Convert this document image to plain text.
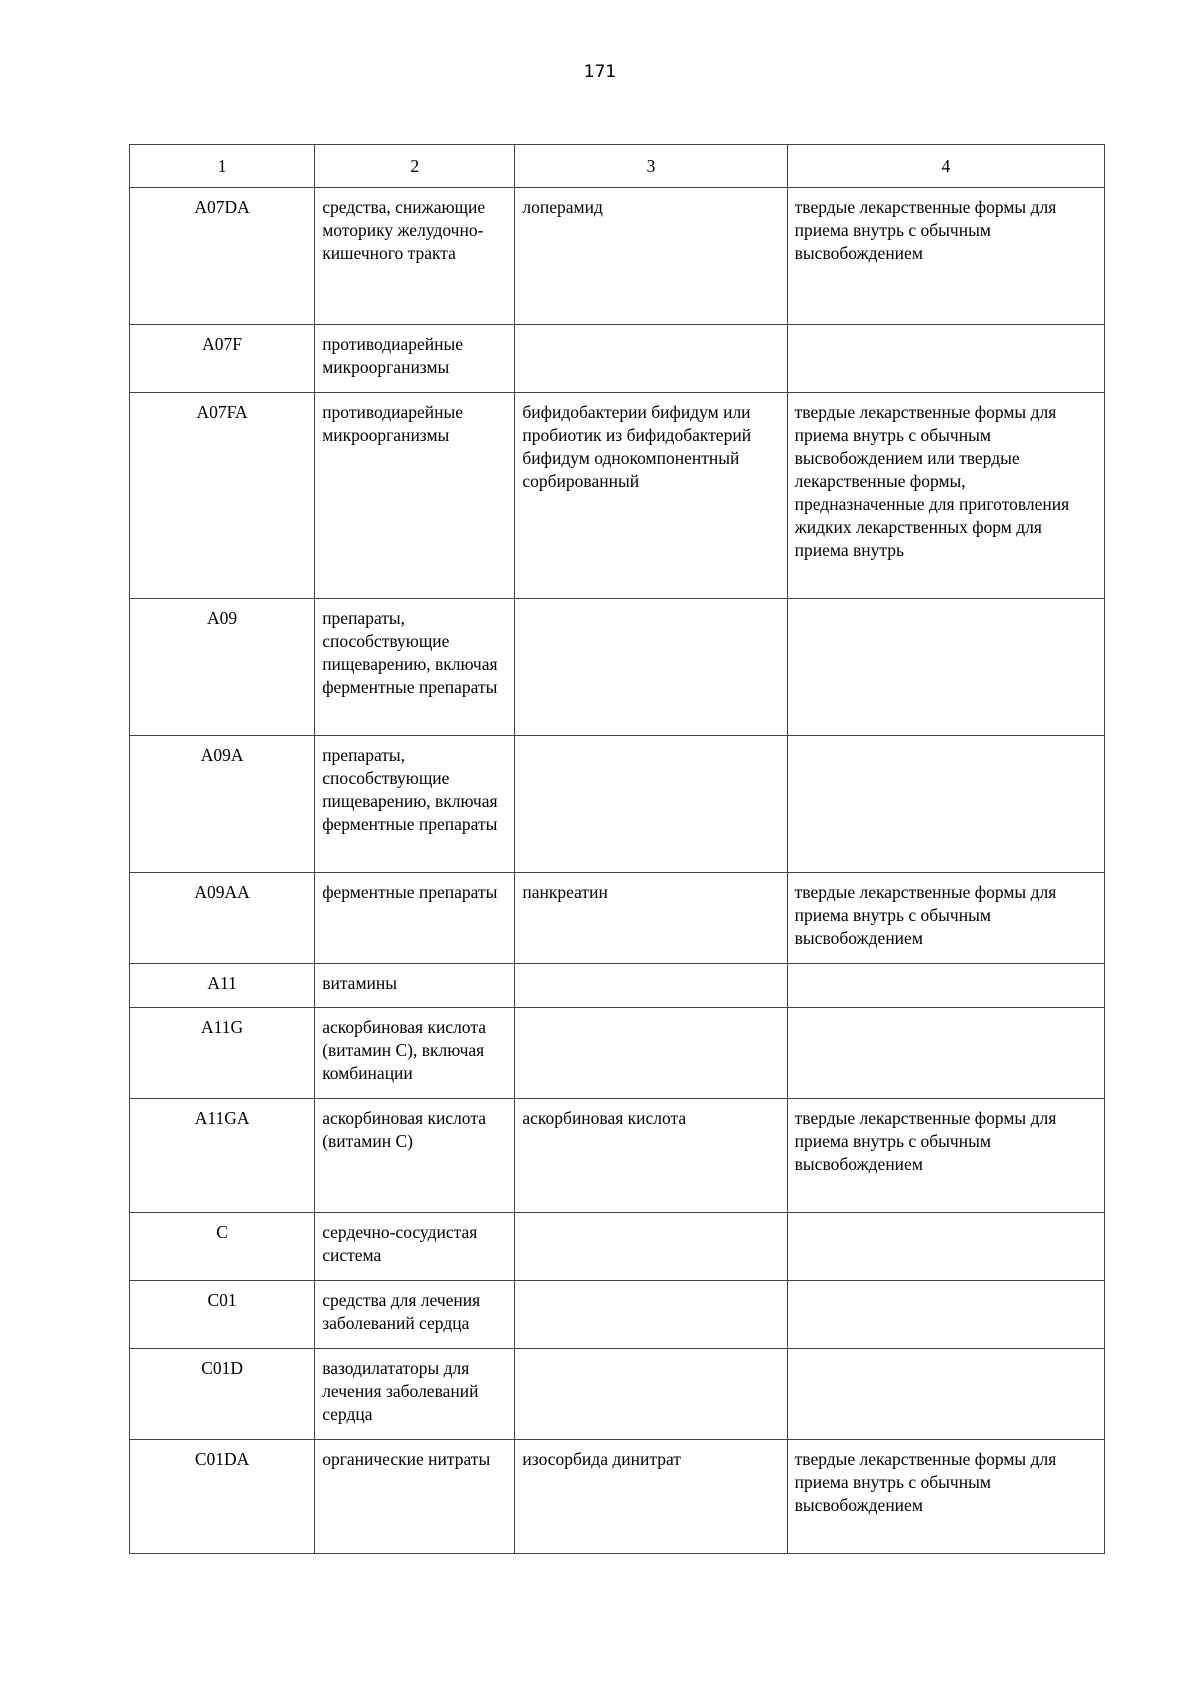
171
1	2	3	4
A07DA	средства, снижающие моторику желудочно-кишечного тракта	лоперамид	твердые лекарственные формы для приема внутрь с обычным высвобождением
A07F	противодиарейные микроорганизмы		
A07FA	противодиарейные микроорганизмы	бифидобактерии бифидум или пробиотик из бифидобактерий бифидум однокомпонентный сорбированный	твердые лекарственные формы для приема внутрь с обычным высвобождением или твердые лекарственные формы, предназначенные для приготовления жидких лекарственных форм для приема внутрь
A09	препараты, способствующие пищеварению, включая ферментные препараты		
A09A	препараты, способствующие пищеварению, включая ферментные препараты		
A09AA	ферментные препараты	панкреатин	твердые лекарственные формы для приема внутрь с обычным высвобождением
A11	витамины		
A11G	аскорбиновая кислота (витамин C), включая комбинации		
A11GA	аскорбиновая кислота (витамин C)	аскорбиновая кислота	твердые лекарственные формы для приема внутрь с обычным высвобождением
C	сердечно-сосудистая система		
C01	средства для лечения заболеваний сердца		
C01D	вазодилататоры для лечения заболеваний сердца		
C01DA	органические нитраты	изосорбида динитрат	твердые лекарственные формы для приема внутрь с обычным высвобождением
